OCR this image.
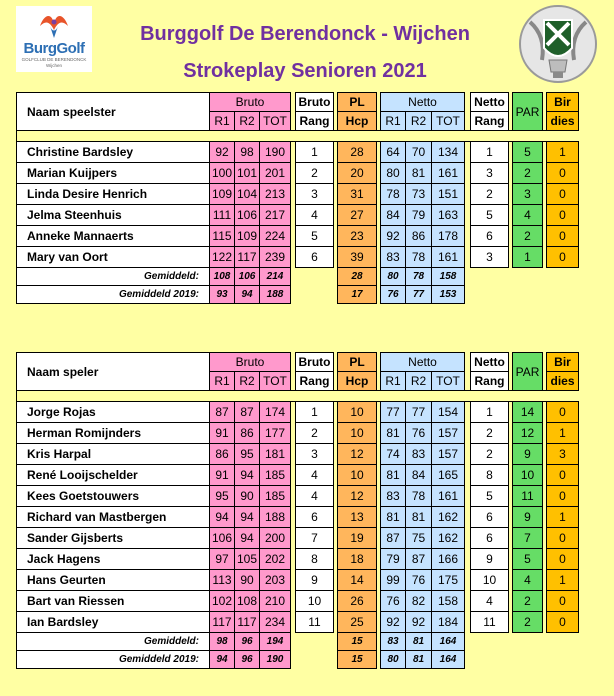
BurgGolf
GOLFCLUB DE BERENDONCK
Wijchen
Burggolf De Berendonck - Wijchen
Strokeplay Senioren 2021
Naam speelster	Bruto				Bruto		PL		Netto				Netto		PAR		Bir
	R1	R2	TOT		Rang		Hcp		R1	R2	TOT		Rang				dies

Christine Bardsley	92	98	190		1		28		64	70	134		1		5		1
Marian Kuijpers	100	101	201		2		20		80	81	161		3		2		0
Linda Desire Henrich	109	104	213		3		31		78	73	151		2		3		0
Jelma Steenhuis	111	106	217		4		27		84	79	163		5		4		0
Anneke Mannaerts	115	109	224		5		23		92	86	178		6		2		0
Mary van Oort	122	117	239		6		39		83	78	161		3		1		0
Gemiddeld:	108	106	214				28		80	78	158						
Gemiddeld 2019:	93	94	188				17		76	77	153						
Naam speler	Bruto				Bruto		PL		Netto				Netto		PAR		Bir
	R1	R2	TOT		Rang		Hcp		R1	R2	TOT		Rang				dies

Jorge Rojas	87	87	174		1		10		77	77	154		1		14		0
Herman Romijnders	91	86	177		2		10		81	76	157		2		12		1
Kris Harpal	86	95	181		3		12		74	83	157		2		9		3
René Looijschelder	91	94	185		4		10		81	84	165		8		10		0
Kees Goetstouwers	95	90	185		4		12		83	78	161		5		11		0
Richard van Mastbergen	94	94	188		6		13		81	81	162		6		9		1
Sander Gijsberts	106	94	200		7		19		87	75	162		6		7		0
Jack Hagens	97	105	202		8		18		79	87	166		9		5		0
Hans Geurten	113	90	203		9		14		99	76	175		10		4		1
Bart van Riessen	102	108	210		10		26		76	82	158		4		2		0
Ian Bardsley	117	117	234		11		25		92	92	184		11		2		0
Gemiddeld:	98	96	194				15		83	81	164						
Gemiddeld 2019:	94	96	190				15		80	81	164						
